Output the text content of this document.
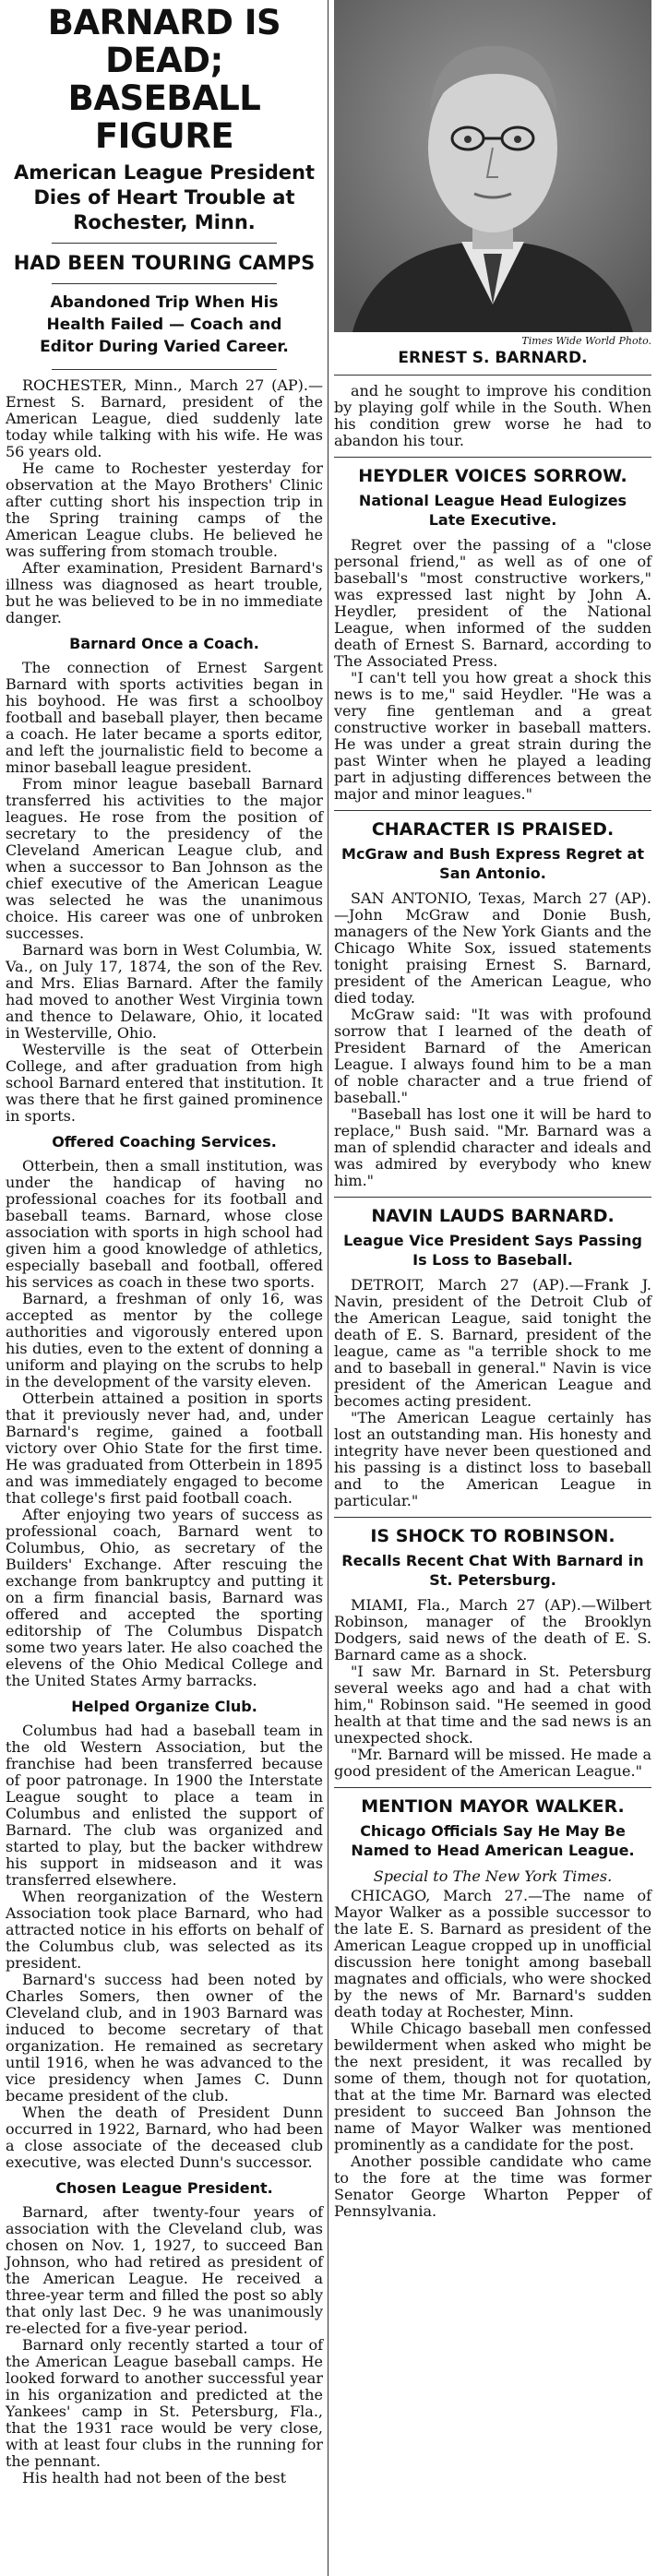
BARNARD IS DEAD; BASEBALL FIGURE
American League President Dies of Heart Trouble at Rochester, Minn.
HAD BEEN TOURING CAMPS
Abandoned Trip When His Health Failed — Coach and Editor During Varied Career.

ROCHESTER, Minn., March 27 (AP).—Ernest S. Barnard, president of the American League, died suddenly late today while talking with his wife. He was 56 years old.

He came to Rochester yesterday for observation at the Mayo Brothers' Clinic after cutting short his inspection trip in the Spring training camps of the American League clubs. He believed he was suffering from stomach trouble.

After examination, President Barnard's illness was diagnosed as heart trouble, but he was believed to be in no immediate danger.

Barnard Once a Coach.

The connection of Ernest Sargent Barnard with sports activities began in his boyhood. He was first a schoolboy football and baseball player, then became a coach. He later became a sports editor, and left the journalistic field to become a minor baseball league president.

From minor league baseball Barnard transferred his activities to the major leagues. He rose from the position of secretary to the presidency of the Cleveland American League club, and when a successor to Ban Johnson as the chief executive of the American League was selected he was the unanimous choice. His career was one of unbroken successes.

Barnard was born in West Columbia, W. Va., on July 17, 1874, the son of the Rev. and Mrs. Elias Barnard. After the family had moved to another West Virginia town and thence to Delaware, Ohio, it located in Westerville, Ohio.

Westerville is the seat of Otterbein College, and after graduation from high school Barnard entered that institution. It was there that he first gained prominence in sports.

Offered Coaching Services.

Otterbein, then a small institution, was under the handicap of having no professional coaches for its football and baseball teams. Barnard, whose close association with sports in high school had given him a good knowledge of athletics, especially baseball and football, offered his services as coach in these two sports.

Barnard, a freshman of only 16, was accepted as mentor by the college authorities and vigorously entered upon his duties, even to the extent of donning a uniform and playing on the scrubs to help in the development of the varsity eleven.

Otterbein attained a position in sports that it previously never had, and, under Barnard's regime, gained a football victory over Ohio State for the first time. He was graduated from Otterbein in 1895 and was immediately engaged to become that college's first paid football coach.

After enjoying two years of success as professional coach, Barnard went to Columbus, Ohio, as secretary of the Builders' Exchange. After rescuing the exchange from bankruptcy and putting it on a firm financial basis, Barnard was offered and accepted the sporting editorship of The Columbus Dispatch some two years later. He also coached the elevens of the Ohio Medical College and the United States Army barracks.

Helped Organize Club.

Columbus had had a baseball team in the old Western Association, but the franchise had been transferred because of poor patronage. In 1900 the Interstate League sought to place a team in Columbus and enlisted the support of Barnard. The club was organized and started to play, but the backer withdrew his support in midseason and it was transferred elsewhere.

When reorganization of the Western Association took place Barnard, who had attracted notice in his efforts on behalf of the Columbus club, was selected as its president.

Barnard's success had been noted by Charles Somers, then owner of the Cleveland club, and in 1903 Barnard was induced to become secretary of that organization. He remained as secretary until 1916, when he was advanced to the vice presidency when James C. Dunn became president of the club.

When the death of President Dunn occurred in 1922, Barnard, who had been a close associate of the deceased club executive, was elected Dunn's successor.

Chosen League President.

Barnard, after twenty-four years of association with the Cleveland club, was chosen on Nov. 1, 1927, to succeed Ban Johnson, who had retired as president of the American League. He received a three-year term and filled the post so ably that only last Dec. 9 he was unanimously re-elected for a five-year period.

Barnard only recently started a tour of the American League baseball camps. He looked forward to another successful year in his organization and predicted at the Yankees' camp in St. Petersburg, Fla., that the 1931 race would be very close, with at least four clubs in the running for the pennant.

His health had not been of the best

Times Wide World Photo.
ERNEST S. BARNARD.

and he sought to improve his condition by playing golf while in the South. When his condition grew worse he had to abandon his tour.

HEYDLER VOICES SORROW.
National League Head Eulogizes Late Executive.

Regret over the passing of a "close personal friend," as well as of one of baseball's "most constructive workers," was expressed last night by John A. Heydler, president of the National League, when informed of the sudden death of Ernest S. Barnard, according to The Associated Press.

"I can't tell you how great a shock this news is to me," said Heydler. "He was a very fine gentleman and a great constructive worker in baseball matters. He was under a great strain during the past Winter when he played a leading part in adjusting differences between the major and minor leagues."

CHARACTER IS PRAISED.
McGraw and Bush Express Regret at San Antonio.

SAN ANTONIO, Texas, March 27 (AP).—John McGraw and Donie Bush, managers of the New York Giants and the Chicago White Sox, issued statements tonight praising Ernest S. Barnard, president of the American League, who died today.

McGraw said: "It was with profound sorrow that I learned of the death of President Barnard of the American League. I always found him to be a man of noble character and a true friend of baseball."

"Baseball has lost one it will be hard to replace," Bush said. "Mr. Barnard was a man of splendid character and ideals and was admired by everybody who knew him."

NAVIN LAUDS BARNARD.
League Vice President Says Passing Is Loss to Baseball.

DETROIT, March 27 (AP).—Frank J. Navin, president of the Detroit Club of the American League, said tonight the death of E. S. Barnard, president of the league, came as "a terrible shock to me and to baseball in general." Navin is vice president of the American League and becomes acting president.

"The American League certainly has lost an outstanding man. His honesty and integrity have never been questioned and his passing is a distinct loss to baseball and to the American League in particular."

IS SHOCK TO ROBINSON.
Recalls Recent Chat With Barnard in St. Petersburg.

MIAMI, Fla., March 27 (AP).—Wilbert Robinson, manager of the Brooklyn Dodgers, said news of the death of E. S. Barnard came as a shock.

"I saw Mr. Barnard in St. Petersburg several weeks ago and had a chat with him," Robinson said. "He seemed in good health at that time and the sad news is an unexpected shock.

"Mr. Barnard will be missed. He made a good president of the American League."

MENTION MAYOR WALKER.
Chicago Officials Say He May Be Named to Head American League.

Special to The New York Times.

CHICAGO, March 27.—The name of Mayor Walker as a possible successor to the late E. S. Barnard as president of the American League cropped up in unofficial discussion here tonight among baseball magnates and officials, who were shocked by the news of Mr. Barnard's sudden death today at Rochester, Minn.

While Chicago baseball men confessed bewilderment when asked who might be the next president, it was recalled by some of them, though not for quotation, that at the time Mr. Barnard was elected president to succeed Ban Johnson the name of Mayor Walker was mentioned prominently as a candidate for the post.

Another possible candidate who came to the fore at the time was former Senator George Wharton Pepper of Pennsylvania.
